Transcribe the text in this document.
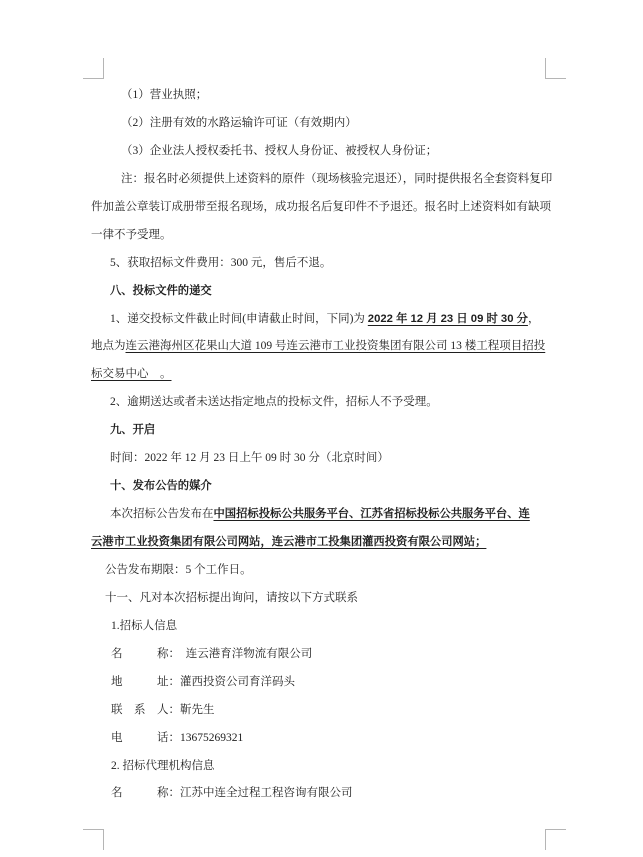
（1）营业执照；
（2）注册有效的水路运输许可证（有效期内）
（3）企业法人授权委托书、授权人身份证、被授权人身份证；
注：报名时必须提供上述资料的原件（现场核验完退还），同时提供报名全套资料复印
件加盖公章装订成册带至报名现场，成功报名后复印件不予退还。报名时上述资料如有缺项
一律不予受理。
5、获取招标文件费用：300 元，售后不退。
八、投标文件的递交
1、递交投标文件截止时间(申请截止时间，下同)为 2022 年 12 月 23 日 09 时 30 分，
地点为连云港海州区花果山大道 109 号连云港市工业投资集团有限公司 13 楼工程项目招投
标交易中心　。
2、逾期送达或者未送达指定地点的投标文件，招标人不予受理。
九、开启
时间：2022 年 12 月 23 日上午 09 时 30 分（北京时间）
十、发布公告的媒介
本次招标公告发布在中国招标投标公共服务平台、江苏省招标投标公共服务平台、连
云港市工业投资集团有限公司网站，连云港市工投集团灌西投资有限公司网站；
公告发布期限：5 个工作日。
十一、凡对本次招标提出询问，请按以下方式联系
1.招标人信息
名　　　称：　连云港育洋物流有限公司
地　　　址：灌西投资公司育洋码头
联　系　人：靳先生
电　　　话：13675269321
2. 招标代理机构信息
名　　　称：江苏中连全过程工程咨询有限公司
